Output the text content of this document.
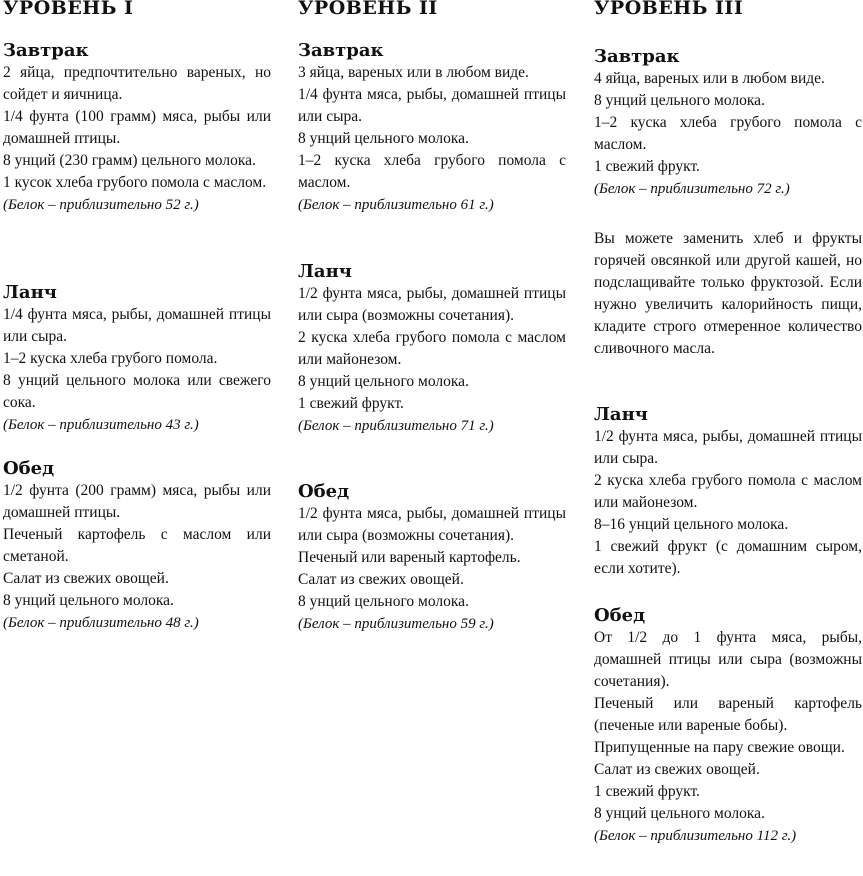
УРОВЕНЬ I

Завтрак

2 яйца, предпочтительно вареных, но сойдет и яичница.

1/4 фунта (100 грамм) мяса, рыбы или домашней птицы.

8 унций (230 грамм) цельного молока.

1 кусок хлеба грубого помола с маслом.

(Белок – приблизительно 52 г.)

Ланч

1/4 фунта мяса, рыбы, домашней птицы или сыра.

1–2 куска хлеба грубого помола.

8 унций цельного молока или свежего сока.

(Белок – приблизительно 43 г.)

Обед

1/2 фунта (200 грамм) мяса, рыбы или домашней птицы.

Печеный картофель с маслом или сметаной.

Салат из свежих овощей.

8 унций цельного молока.

(Белок – приблизительно 48 г.)

УРОВЕНЬ II

Завтрак

3 яйца, вареных или в любом виде.

1/4 фунта мяса, рыбы, домашней птицы или сыра.

8 унций цельного молока.

1–2 куска хлеба грубого помола с маслом.

(Белок – приблизительно 61 г.)

Ланч

1/2 фунта мяса, рыбы, домашней птицы или сыра (возможны сочетания).

2 куска хлеба грубого помола с маслом или майонезом.

8 унций цельного молока.

1 свежий фрукт.

(Белок – приблизительно 71 г.)

Обед

1/2 фунта мяса, рыбы, домашней птицы или сыра (возможны сочетания).

Печеный или вареный картофель.

Салат из свежих овощей.

8 унций цельного молока.

(Белок – приблизительно 59 г.)

УРОВЕНЬ III

Завтрак

4 яйца, вареных или в любом виде.

8 унций цельного молока.

1–2 куска хлеба грубого помола с маслом.

1 свежий фрукт.

(Белок – приблизительно 72 г.)

Вы можете заменить хлеб и фрукты горячей овсянкой или другой кашей, но подслащивайте только фруктозой. Если нужно увеличить калорийность пищи, кладите строго отмеренное количество сливочного масла.

Ланч

1/2 фунта мяса, рыбы, домашней птицы или сыра.

2 куска хлеба грубого помола с маслом или майонезом.

8–16 унций цельного молока.

1 свежий фрукт (с домашним сыром, если хотите).

Обед

От 1/2 до 1 фунта мяса, рыбы, домашней птицы или сыра (возможны сочетания).

Печеный или вареный картофель (печеные или вареные бобы).

Припущенные на пару свежие овощи.

Салат из свежих овощей.

1 свежий фрукт.

8 унций цельного молока.

(Белок – приблизительно 112 г.)
